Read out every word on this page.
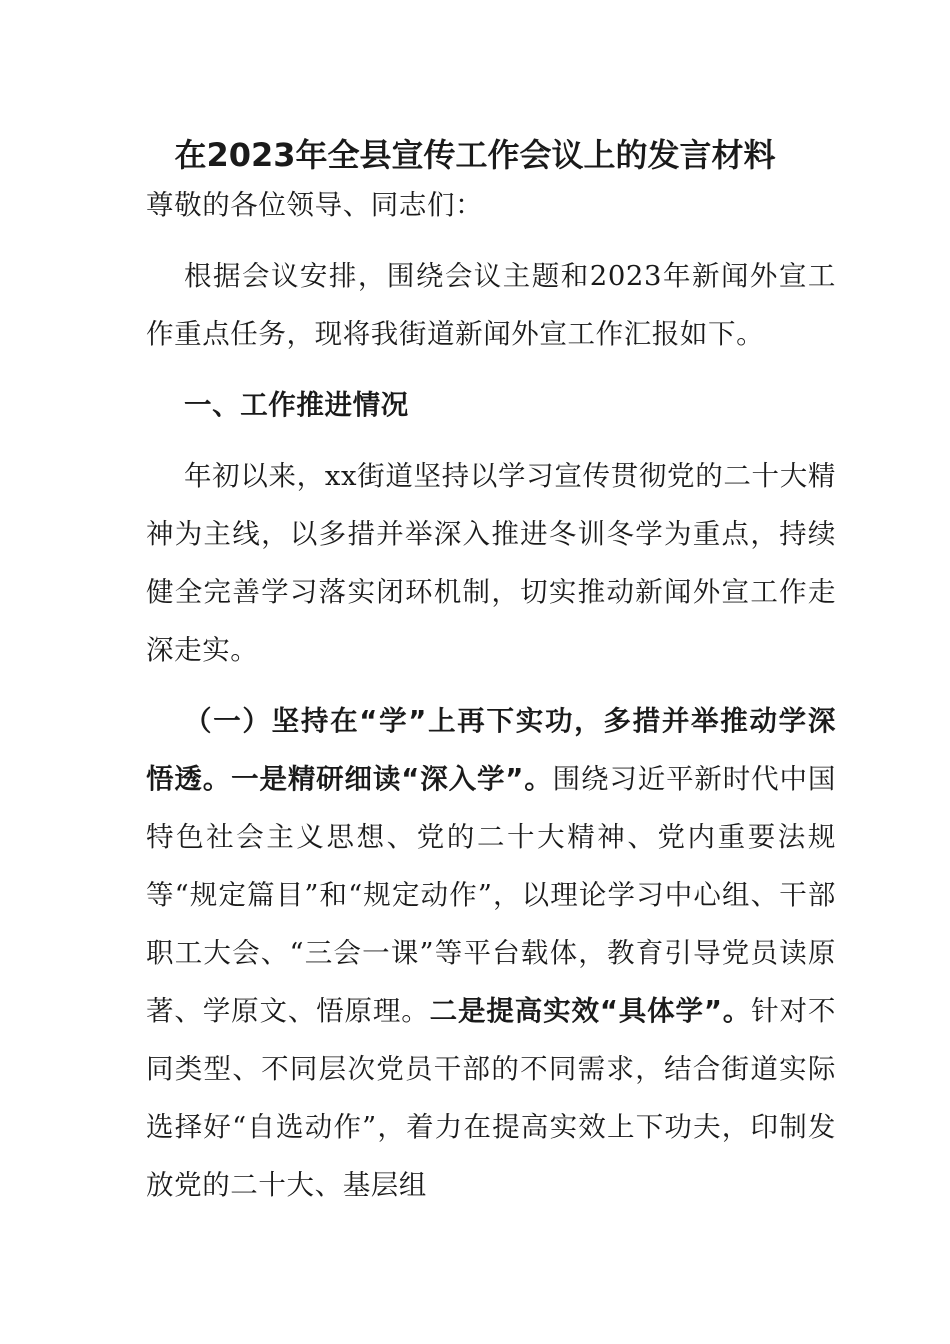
在2023年全县宣传工作会议上的发言材料

尊敬的各位领导、同志们：

根据会议安排，围绕会议主题和2023年新闻外宣工作重点任务，现将我街道新闻外宣工作汇报如下。

一、工作推进情况

年初以来，xx街道坚持以学习宣传贯彻党的二十大精神为主线，以多措并举深入推进冬训冬学为重点，持续健全完善学习落实闭环机制，切实推动新闻外宣工作走深走实。

（一）坚持在“学”上再下实功，多措并举推动学深悟透。一是精研细读“深入学”。围绕习近平新时代中国特色社会主义思想、党的二十大精神、党内重要法规等“规定篇目”和“规定动作”，以理论学习中心组、干部职工大会、“三会一课”等平台载体，教育引导党员读原著、学原文、悟原理。二是提高实效“具体学”。针对不同类型、不同层次党员干部的不同需求，结合街道实际选择好“自选动作”，着力在提高实效上下功夫，印制发放党的二十大、基层组
